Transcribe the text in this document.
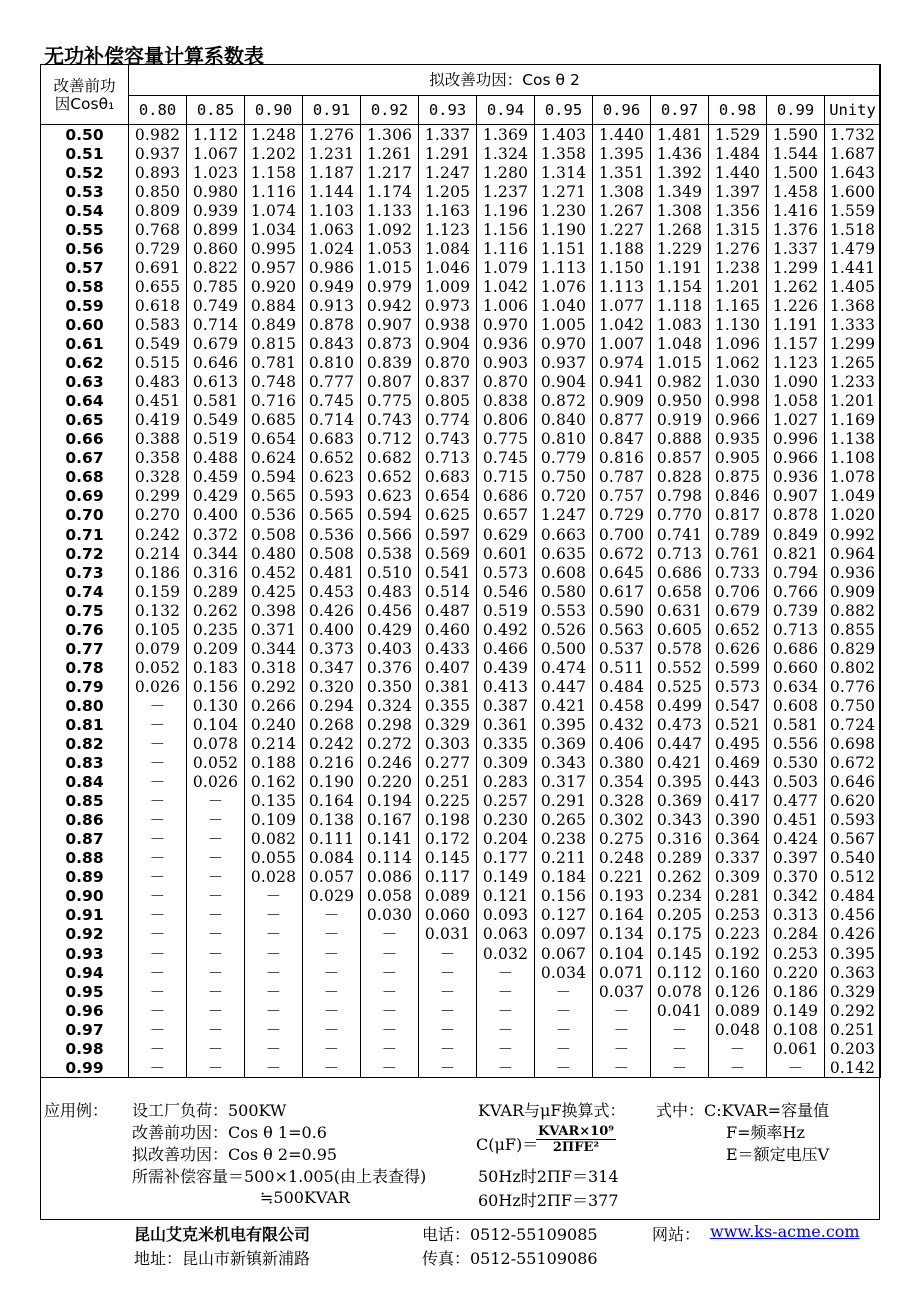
无功补偿容量计算系数表
改善前功
因Cosθ₁	拟改善功因：Cos θ 2												
	0.80	0.85	0.90	0.91	0.92	0.93	0.94	0.95	0.96	0.97	0.98	0.99	Unity
0.50	0.982	1.112	1.248	1.276	1.306	1.337	1.369	1.403	1.440	1.481	1.529	1.590	1.732
0.51	0.937	1.067	1.202	1.231	1.261	1.291	1.324	1.358	1.395	1.436	1.484	1.544	1.687
0.52	0.893	1.023	1.158	1.187	1.217	1.247	1.280	1.314	1.351	1.392	1.440	1.500	1.643
0.53	0.850	0.980	1.116	1.144	1.174	1.205	1.237	1.271	1.308	1.349	1.397	1.458	1.600
0.54	0.809	0.939	1.074	1.103	1.133	1.163	1.196	1.230	1.267	1.308	1.356	1.416	1.559
0.55	0.768	0.899	1.034	1.063	1.092	1.123	1.156	1.190	1.227	1.268	1.315	1.376	1.518
0.56	0.729	0.860	0.995	1.024	1.053	1.084	1.116	1.151	1.188	1.229	1.276	1.337	1.479
0.57	0.691	0.822	0.957	0.986	1.015	1.046	1.079	1.113	1.150	1.191	1.238	1.299	1.441
0.58	0.655	0.785	0.920	0.949	0.979	1.009	1.042	1.076	1.113	1.154	1.201	1.262	1.405
0.59	0.618	0.749	0.884	0.913	0.942	0.973	1.006	1.040	1.077	1.118	1.165	1.226	1.368
0.60	0.583	0.714	0.849	0.878	0.907	0.938	0.970	1.005	1.042	1.083	1.130	1.191	1.333
0.61	0.549	0.679	0.815	0.843	0.873	0.904	0.936	0.970	1.007	1.048	1.096	1.157	1.299
0.62	0.515	0.646	0.781	0.810	0.839	0.870	0.903	0.937	0.974	1.015	1.062	1.123	1.265
0.63	0.483	0.613	0.748	0.777	0.807	0.837	0.870	0.904	0.941	0.982	1.030	1.090	1.233
0.64	0.451	0.581	0.716	0.745	0.775	0.805	0.838	0.872	0.909	0.950	0.998	1.058	1.201
0.65	0.419	0.549	0.685	0.714	0.743	0.774	0.806	0.840	0.877	0.919	0.966	1.027	1.169
0.66	0.388	0.519	0.654	0.683	0.712	0.743	0.775	0.810	0.847	0.888	0.935	0.996	1.138
0.67	0.358	0.488	0.624	0.652	0.682	0.713	0.745	0.779	0.816	0.857	0.905	0.966	1.108
0.68	0.328	0.459	0.594	0.623	0.652	0.683	0.715	0.750	0.787	0.828	0.875	0.936	1.078
0.69	0.299	0.429	0.565	0.593	0.623	0.654	0.686	0.720	0.757	0.798	0.846	0.907	1.049
0.70	0.270	0.400	0.536	0.565	0.594	0.625	0.657	1.247	0.729	0.770	0.817	0.878	1.020
0.71	0.242	0.372	0.508	0.536	0.566	0.597	0.629	0.663	0.700	0.741	0.789	0.849	0.992
0.72	0.214	0.344	0.480	0.508	0.538	0.569	0.601	0.635	0.672	0.713	0.761	0.821	0.964
0.73	0.186	0.316	0.452	0.481	0.510	0.541	0.573	0.608	0.645	0.686	0.733	0.794	0.936
0.74	0.159	0.289	0.425	0.453	0.483	0.514	0.546	0.580	0.617	0.658	0.706	0.766	0.909
0.75	0.132	0.262	0.398	0.426	0.456	0.487	0.519	0.553	0.590	0.631	0.679	0.739	0.882
0.76	0.105	0.235	0.371	0.400	0.429	0.460	0.492	0.526	0.563	0.605	0.652	0.713	0.855
0.77	0.079	0.209	0.344	0.373	0.403	0.433	0.466	0.500	0.537	0.578	0.626	0.686	0.829
0.78	0.052	0.183	0.318	0.347	0.376	0.407	0.439	0.474	0.511	0.552	0.599	0.660	0.802
0.79	0.026	0.156	0.292	0.320	0.350	0.381	0.413	0.447	0.484	0.525	0.573	0.634	0.776
0.80	－	0.130	0.266	0.294	0.324	0.355	0.387	0.421	0.458	0.499	0.547	0.608	0.750
0.81	－	0.104	0.240	0.268	0.298	0.329	0.361	0.395	0.432	0.473	0.521	0.581	0.724
0.82	－	0.078	0.214	0.242	0.272	0.303	0.335	0.369	0.406	0.447	0.495	0.556	0.698
0.83	－	0.052	0.188	0.216	0.246	0.277	0.309	0.343	0.380	0.421	0.469	0.530	0.672
0.84	－	0.026	0.162	0.190	0.220	0.251	0.283	0.317	0.354	0.395	0.443	0.503	0.646
0.85	－	－	0.135	0.164	0.194	0.225	0.257	0.291	0.328	0.369	0.417	0.477	0.620
0.86	－	－	0.109	0.138	0.167	0.198	0.230	0.265	0.302	0.343	0.390	0.451	0.593
0.87	－	－	0.082	0.111	0.141	0.172	0.204	0.238	0.275	0.316	0.364	0.424	0.567
0.88	－	－	0.055	0.084	0.114	0.145	0.177	0.211	0.248	0.289	0.337	0.397	0.540
0.89	－	－	0.028	0.057	0.086	0.117	0.149	0.184	0.221	0.262	0.309	0.370	0.512
0.90	－	－	－	0.029	0.058	0.089	0.121	0.156	0.193	0.234	0.281	0.342	0.484
0.91	－	－	－	－	0.030	0.060	0.093	0.127	0.164	0.205	0.253	0.313	0.456
0.92	－	－	－	－	－	0.031	0.063	0.097	0.134	0.175	0.223	0.284	0.426
0.93	－	－	－	－	－	－	0.032	0.067	0.104	0.145	0.192	0.253	0.395
0.94	－	－	－	－	－	－	－	0.034	0.071	0.112	0.160	0.220	0.363
0.95	－	－	－	－	－	－	－	－	0.037	0.078	0.126	0.186	0.329
0.96	－	－	－	－	－	－	－	－	－	0.041	0.089	0.149	0.292
0.97	－	－	－	－	－	－	－	－	－	－	0.048	0.108	0.251
0.98	－	－	－	－	－	－	－	－	－	－	－	0.061	0.203
0.99	－	－	－	－	－	－	－	－	－	－	－	－	0.142
应用例： 设工厂负荷：500KW
改善前功因：Cos θ 1=0.6
拟改善功因：Cos θ 2=0.95
所需补偿容量＝500×1.005(由上表查得)
≒500KVAR
KVAR与μF换算式：
C(μF)＝
50Hz时2ΠF＝314
60Hz时2ΠF＝377
式中：C:KVAR=容量值
F=频率Hz
E＝额定电压V
KVAR×10⁹
2ΠFE²
昆山艾克米机电有限公司
地址：昆山市新镇新浦路
电话：0512-55109085
传真：0512-55109086
网站： www.ks-acme.com
